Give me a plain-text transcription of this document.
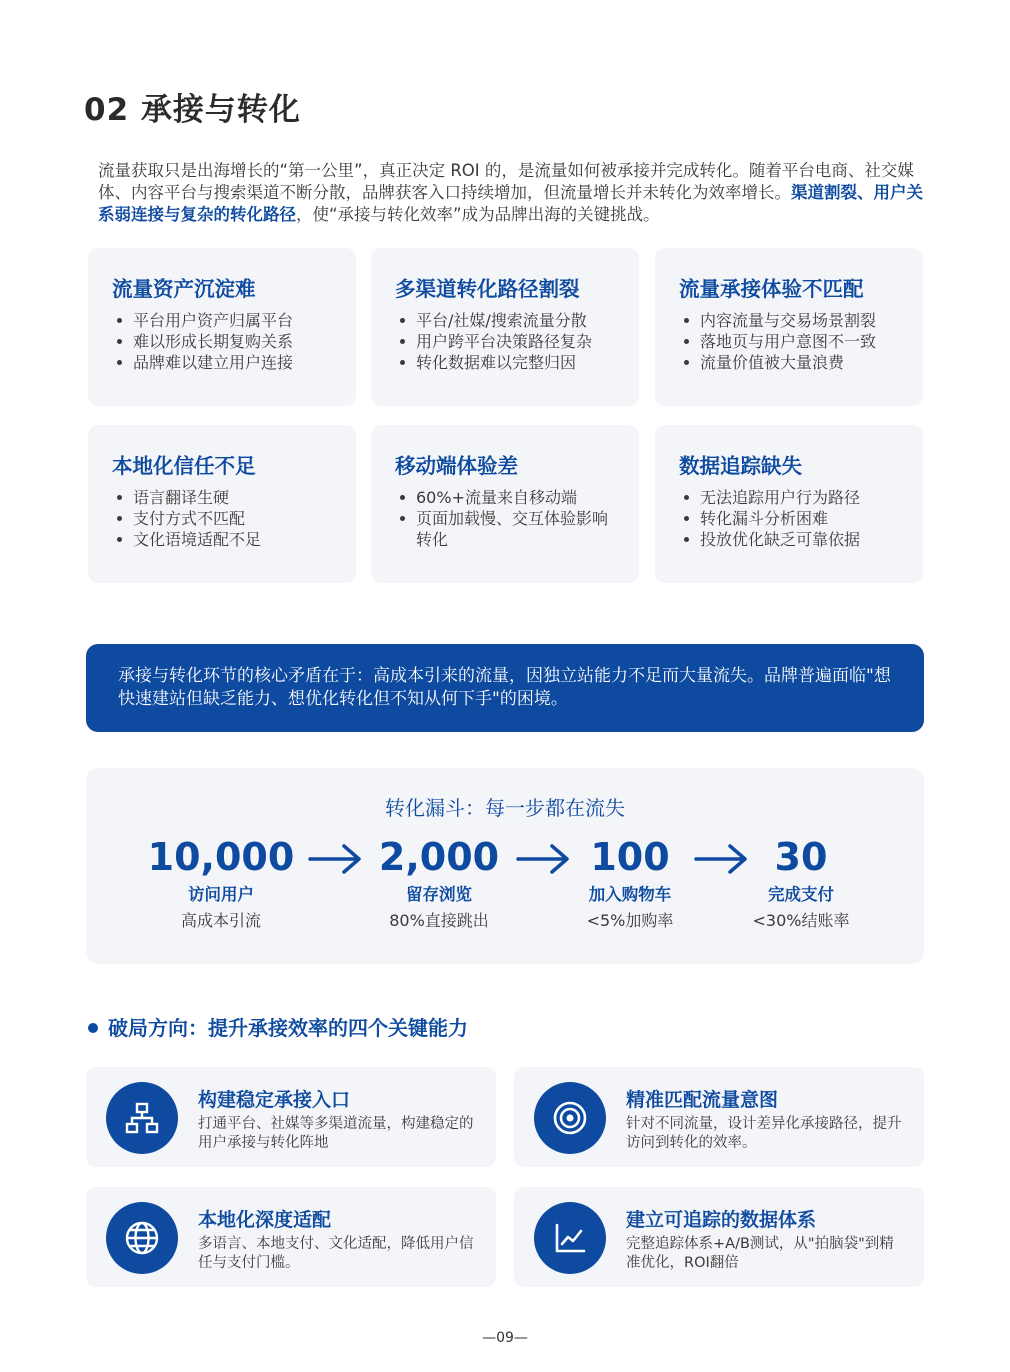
02 承接与转化
流量获取只是出海增长的“第一公里”，真正决定 ROI 的，是流量如何被承接并完成转化。随着平台电商、社交媒体、内容平台与搜索渠道不断分散，品牌获客入口持续增加，但流量增长并未转化为效率增长。渠道割裂、用户关系弱连接与复杂的转化路径，使“承接与转化效率”成为品牌出海的关键挑战。
流量资产沉淀难
平台用户资产归属平台
难以形成长期复购关系
品牌难以建立用户连接
多渠道转化路径割裂
平台/社媒/搜索流量分散
用户跨平台决策路径复杂
转化数据难以完整归因
流量承接体验不匹配
内容流量与交易场景割裂
落地页与用户意图不一致
流量价值被大量浪费
本地化信任不足
语言翻译生硬
支付方式不匹配
文化语境适配不足
移动端体验差
60%+流量来自移动端
页面加载慢、交互体验影响转化
数据追踪缺失
无法追踪用户行为路径
转化漏斗分析困难
投放优化缺乏可靠依据

承接与转化环节的核心矛盾在于：高成本引来的流量，因独立站能力不足而大量流失。品牌普遍面临"想快速建站但缺乏能力、想优化转化但不知从何下手"的困境。

转化漏斗：每一步都在流失
10,000
访问用户
高成本引流
2,000
留存浏览
80%直接跳出
100
加入购物车
<5%加购率
30
完成支付
<30%结账率
破局方向：提升承接效率的四个关键能力
构建稳定承接入口

打通平台、社媒等多渠道流量，构建稳定的用户承接与转化阵地

精准匹配流量意图

针对不同流量，设计差异化承接路径，提升访问到转化的效率。

本地化深度适配

多语言、本地支付、文化适配，降低用户信任与支付门槛。

建立可追踪的数据体系

完整追踪体系+A/B测试，从"拍脑袋"到精准优化，ROI翻倍

—09—
